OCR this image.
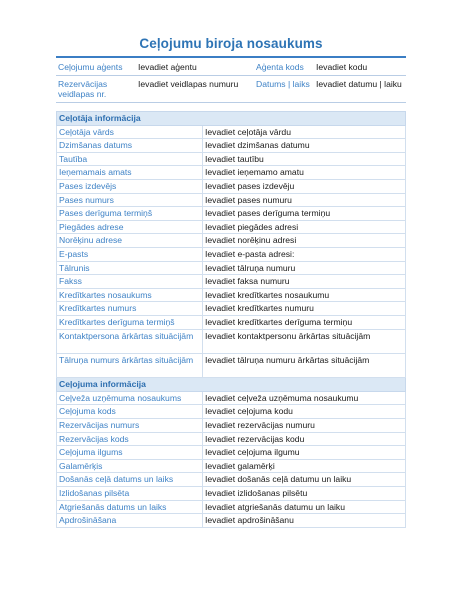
Ceļojumu biroja nosaukums
Ceļojumu aģents	Ievadiet aģentu	Aģenta kods	Ievadiet kodu
Rezervācijas veidlapas nr.	Ievadiet veidlapas numuru	Datums | laiks	Ievadiet datumu | laiku
Ceļotāja informācija	
Ceļotāja vārds	Ievadiet ceļotāja vārdu
Dzimšanas datums	Ievadiet dzimšanas datumu
Tautība	Ievadiet tautību
Ieņemamais amats	Ievadiet ieņemamo amatu
Pases izdevējs	Ievadiet pases izdevēju
Pases numurs	Ievadiet pases numuru
Pases derīguma termiņš	Ievadiet pases derīguma termiņu
Piegādes adrese	Ievadiet piegādes adresi
Norēķinu adrese	Ievadiet norēķinu adresi
E-pasts	Ievadiet e-pasta adresi:
Tālrunis	Ievadiet tālruņa numuru
Fakss	Ievadiet faksa numuru
Kredītkartes nosaukums	Ievadiet kredītkartes nosaukumu
Kredītkartes numurs	Ievadiet kredītkartes numuru
Kredītkartes derīguma termiņš	Ievadiet kredītkartes derīguma termiņu
Kontaktpersona ārkārtas situācijām	Ievadiet kontaktpersonu ārkārtas situācijām
Tālruņa numurs ārkārtas situācijām	Ievadiet tālruņa numuru ārkārtas situācijām
Ceļojuma informācija	
Ceļveža uzņēmuma nosaukums	Ievadiet ceļveža uzņēmuma nosaukumu
Ceļojuma kods	Ievadiet ceļojuma kodu
Rezervācijas numurs	Ievadiet rezervācijas numuru
Rezervācijas kods	Ievadiet rezervācijas kodu
Ceļojuma ilgums	Ievadiet ceļojuma ilgumu
Galamērķis	Ievadiet galamērķi
Došanās ceļā datums un laiks	Ievadiet došanās ceļā datumu un laiku
Izlidošanas pilsēta	Ievadiet izlidošanas pilsētu
Atgriešanās datums un laiks	Ievadiet atgriešanās datumu un laiku
Apdrošināšana	Ievadiet apdrošināšanu
